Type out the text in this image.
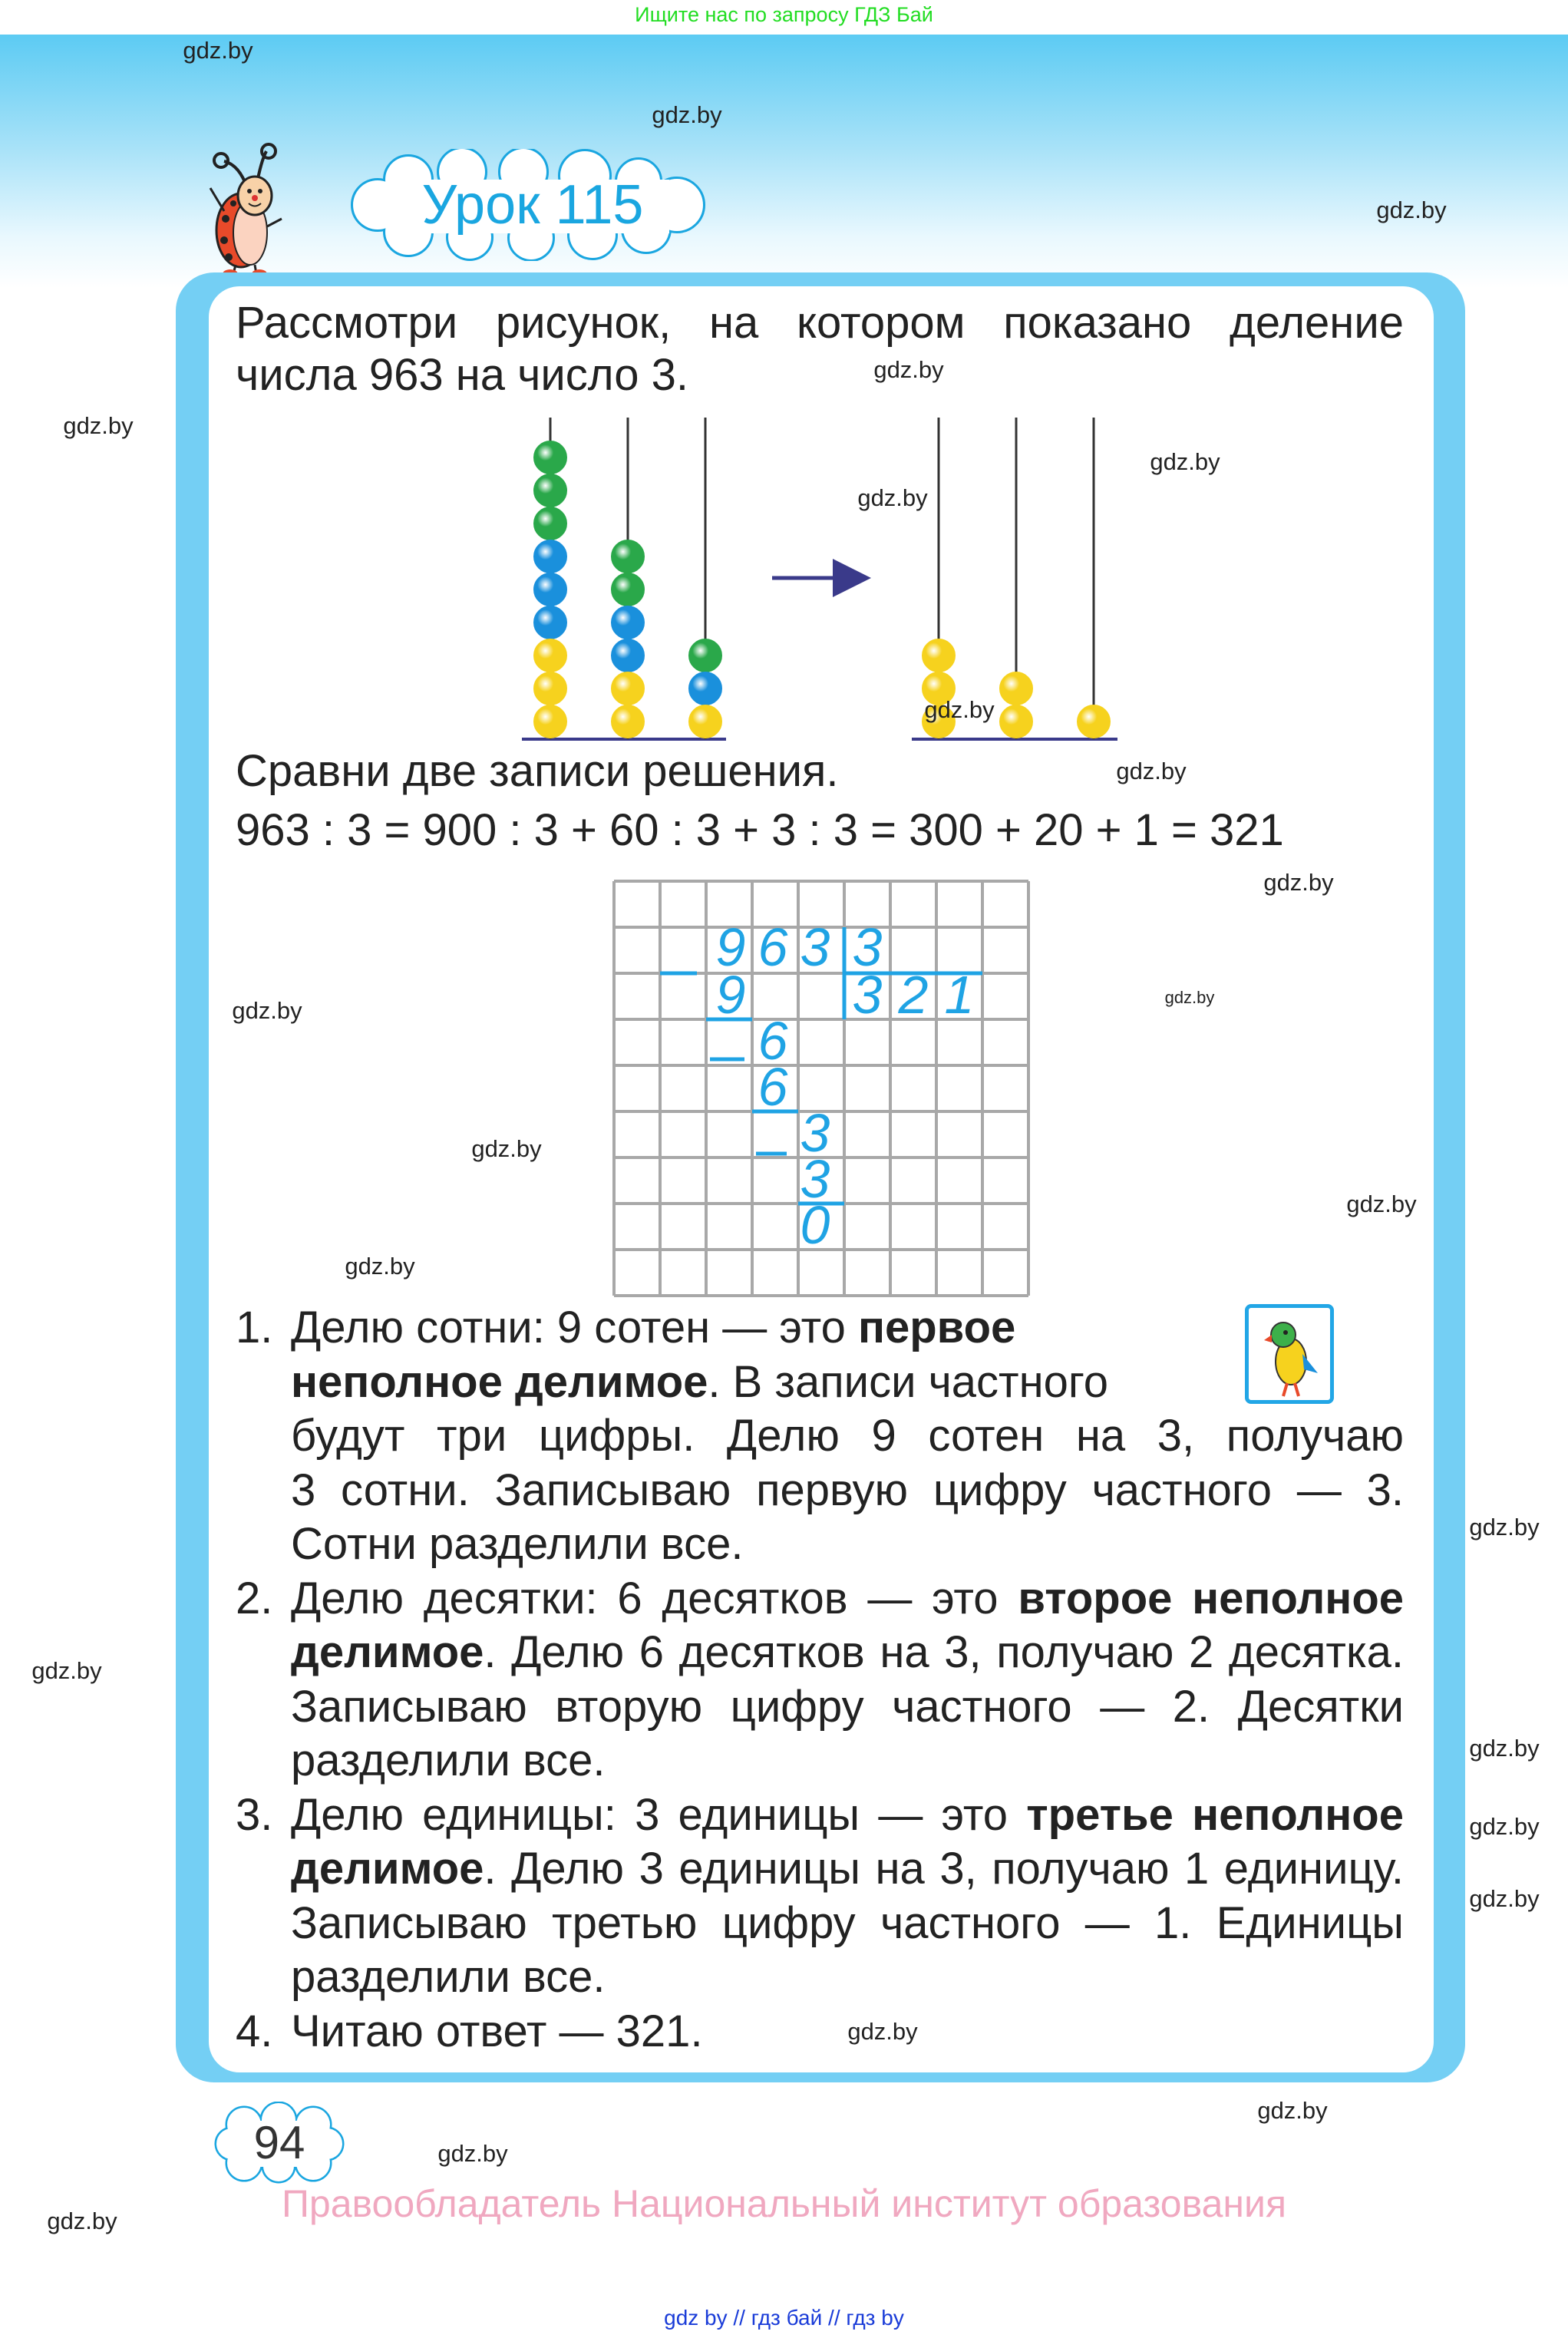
Ищите нас по запросу ГДЗ Бай
Урок 115
Рассмотри рисунок, на котором показано деление
числа 963 на число 3.
Сравни две записи решения.
963 : 3 = 900 : 3 + 60 : 3 + 3 : 3 = 300 + 20 + 1 = 321
9 6 3 3
9 3 2 1
6
6
3
3
0
1. Делю сотни: 9 сотен — это первое
неполное делимое. В записи частного
будут три цифры. Делю 9 сотен на 3, получаю
3 сотни. Записываю первую цифру частного — 3.
Сотни разделили все.
2. Делю десятки: 6 десятков — это второе неполное
делимое. Делю 6 десятков на 3, получаю 2 десятка.
Записываю вторую цифру частного — 2. Десятки
разделили все.
3. Делю единицы: 3 единицы — это третье неполное
делимое. Делю 3 единицы на 3, получаю 1 единицу.
Записываю третью цифру частного — 1. Единицы
разделили все.
4. Читаю ответ — 321.
94
Правообладатель Национальный институт образования
gdz by // гдз бай // гдз by
gdz.by
gdz.by
gdz.by
gdz.by
gdz.by
gdz.by
gdz.by
gdz.by
gdz.by
gdz.by
gdz.by
gdz.by
gdz.by
gdz.by
gdz.by
gdz.by
gdz.by
gdz.by
gdz.by
gdz.by
gdz.by
gdz.by
gdz.by
gdz.by
